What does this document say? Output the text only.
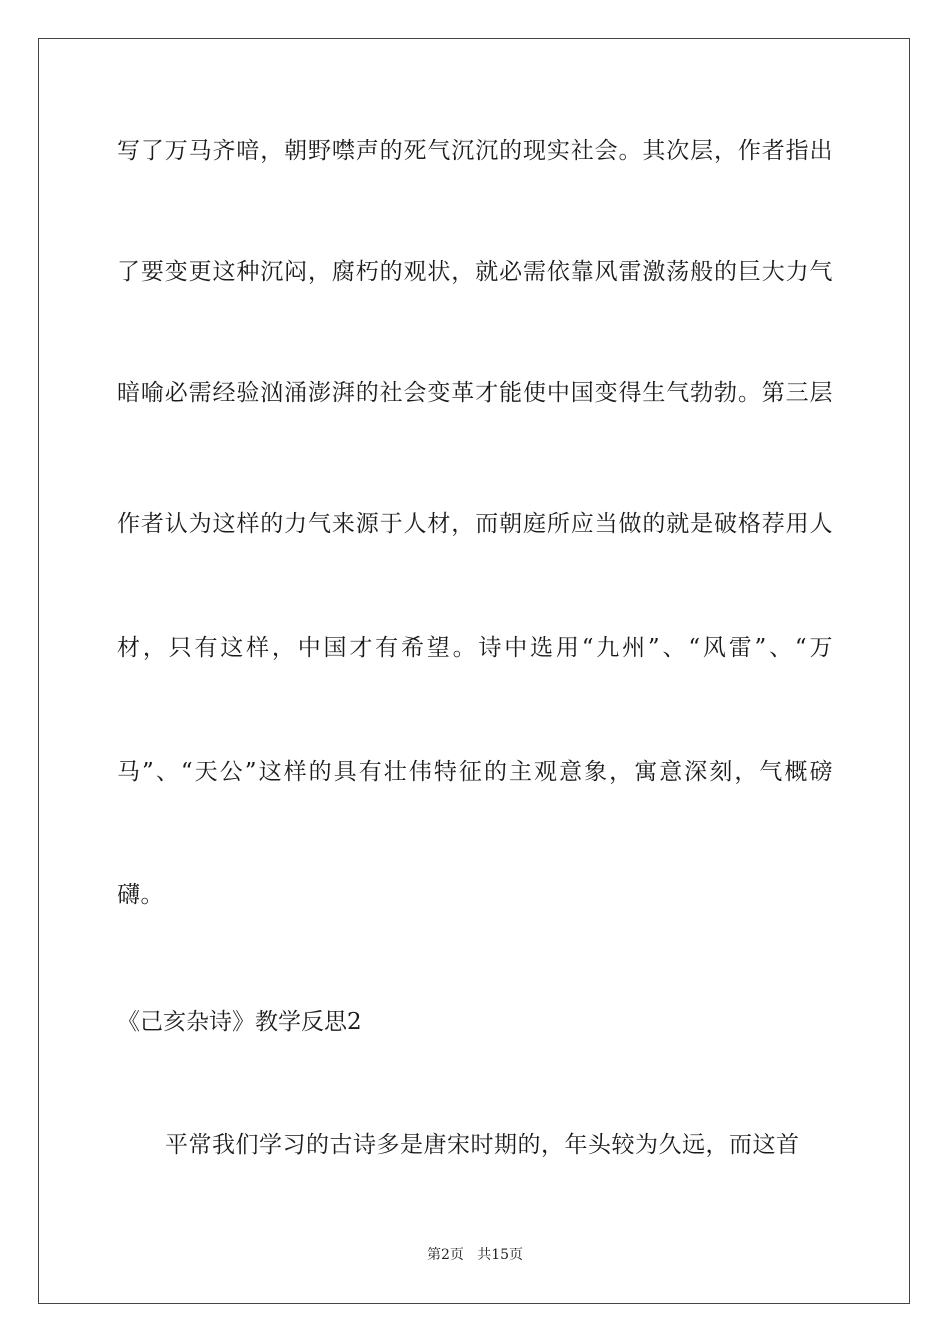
写了万马齐喑，朝野噤声的死气沉沉的现实社会。其次层，作者指出
了要变更这种沉闷，腐朽的观状，就必需依靠风雷激荡般的巨大力气
暗喻必需经验汹涌澎湃的社会变革才能使中国变得生气勃勃。第三层
作者认为这样的力气来源于人材，而朝庭所应当做的就是破格荐用人
材，只有这样，中国才有希望。诗中选用“九州”、“风雷”、“万
马”、“天公”这样的具有壮伟特征的主观意象，寓意深刻，气概磅
礴。
《己亥杂诗》教学反思2
平常我们学习的古诗多是唐宋时期的，年头较为久远，而这首
第2页   共15页
